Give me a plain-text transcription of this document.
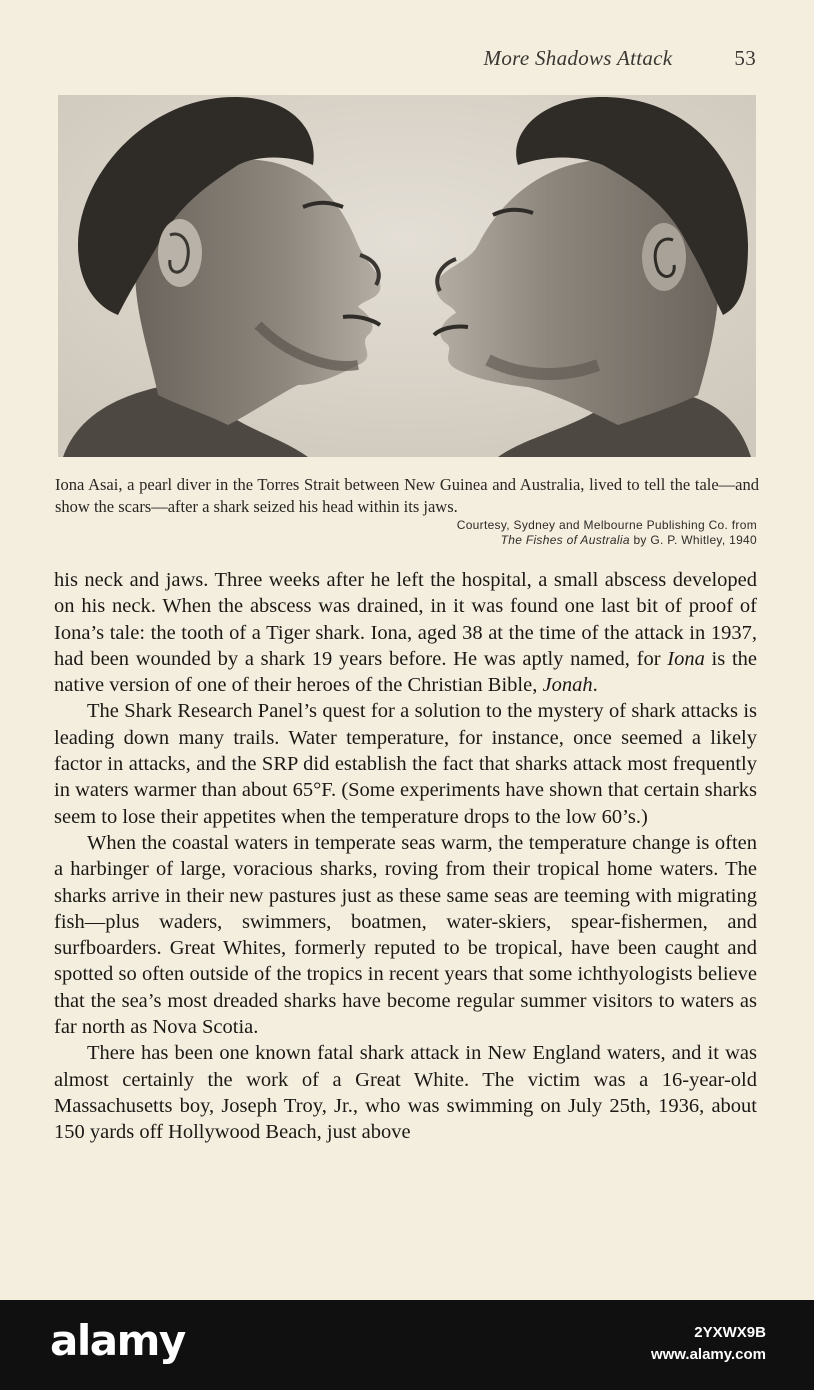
More Shadows Attack	53
Iona Asai, a pearl diver in the Torres Strait between New Guinea and Australia, lived to tell the tale—and show the scars—after a shark seized his head within its jaws.
Courtesy, Sydney and Melbourne Publishing Co. from
The Fishes of Australia by G. P. Whitley, 1940

his neck and jaws. Three weeks after he left the hospital, a small abscess developed on his neck. When the abscess was drained, in it was found one last bit of proof of Iona’s tale: the tooth of a Tiger shark. Iona, aged 38 at the time of the attack in 1937, had been wounded by a shark 19 years before. He was aptly named, for Iona is the native version of one of their heroes of the Christian Bible, Jonah.

The Shark Research Panel’s quest for a solution to the mystery of shark attacks is leading down many trails. Water temperature, for instance, once seemed a likely factor in attacks, and the SRP did establish the fact that sharks attack most frequently in waters warmer than about 65°F. (Some experiments have shown that certain sharks seem to lose their appetites when the temperature drops to the low 60’s.)

When the coastal waters in temperate seas warm, the temperature change is often a harbinger of large, voracious sharks, roving from their tropical home waters. The sharks arrive in their new pastures just as these same seas are teeming with migrating fish—plus waders, swimmers, boatmen, water-skiers, spear-fishermen, and surfboarders. Great Whites, formerly reputed to be tropical, have been caught and spotted so often outside of the tropics in recent years that some ichthyologists believe that the sea’s most dreaded sharks have become regular summer visitors to waters as far north as Nova Scotia.

There has been one known fatal shark attack in New England waters, and it was almost certainly the work of a Great White. The victim was a 16-year-old Massachusetts boy, Joseph Troy, Jr., who was swimming on July 25th, 1936, about 150 yards off Hollywood Beach, just above

alamy	2YXWX9B
www.alamy.com
